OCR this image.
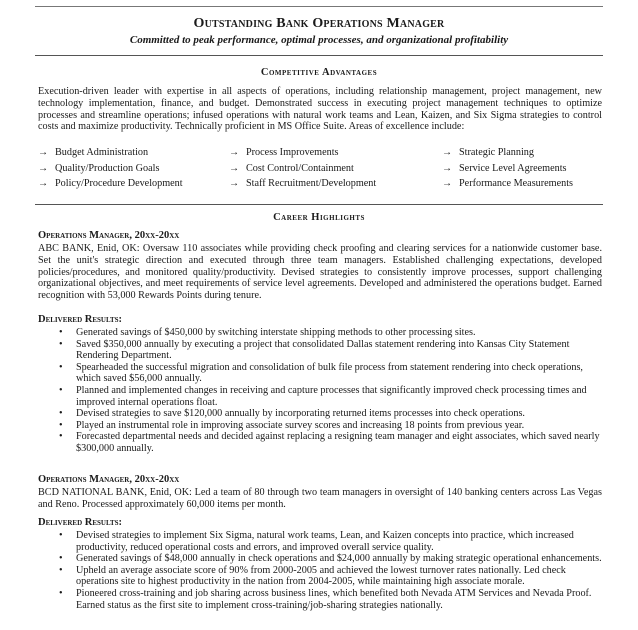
Outstanding Bank Operations Manager

Committed to peak performance, optimal processes, and organizational profitability

Competitive Advantages

Execution-driven leader with expertise in all aspects of operations, including relationship management, project management, new technology implementation, finance, and budget. Demonstrated success in executing project management techniques to optimize processes and streamline operations; infused operations with natural work teams and Lean, Kaizen, and Six Sigma strategies to control costs and maximize productivity. Technically proficient in MS Office Suite. Areas of excellence include:

→ Budget Administration	→ Process Improvements	→ Strategic Planning
→ Quality/Production Goals	→ Cost Control/Containment	→ Service Level Agreements
→ Policy/Procedure Development	→ Staff Recruitment/Development	→ Performance Measurements
Career Highlights
Operations Manager, 20xx-20xx

ABC BANK, Enid, OK: Oversaw 110 associates while providing check proofing and clearing services for a nationwide customer base. Set the unit's strategic direction and executed through three team managers. Established challenging expectations, developed policies/procedures, and monitored quality/productivity. Devised strategies to consistently improve processes, support challenging organizational objectives, and meet requirements of service level agreements. Developed and administered the operations budget. Earned recognition with 53,000 Rewards Points during tenure.

Delivered Results:
• Generated savings of $450,000 by switching interstate shipping methods to other processing sites.
• Saved $350,000 annually by executing a project that consolidated Dallas statement rendering into Kansas City Statement Rendering Department.
• Spearheaded the successful migration and consolidation of bulk file process from statement rendering into check operations, which saved $56,000 annually.
• Planned and implemented changes in receiving and capture processes that significantly improved check processing times and improved internal operations float.
• Devised strategies to save $120,000 annually by incorporating returned items processes into check operations.
• Played an instrumental role in improving associate survey scores and increasing 18 points from previous year.
• Forecasted departmental needs and decided against replacing a resigning team manager and eight associates, which saved nearly $300,000 annually.
Operations Manager, 20xx-20xx

BCD NATIONAL BANK, Enid, OK: Led a team of 80 through two team managers in oversight of 140 banking centers across Las Vegas and Reno. Processed approximately 60,000 items per month.

Delivered Results:
• Devised strategies to implement Six Sigma, natural work teams, Lean, and Kaizen concepts into practice, which increased productivity, reduced operational costs and errors, and improved overall service quality.
• Generated savings of $48,000 annually in check operations and $24,000 annually by making strategic operational enhancements.
• Upheld an average associate score of 90% from 2000-2005 and achieved the lowest turnover rates nationally. Led check operations site to highest productivity in the nation from 2004-2005, while maintaining high associate morale.
• Pioneered cross-training and job sharing across business lines, which benefited both Nevada ATM Services and Nevada Proof. Earned status as the first site to implement cross-training/job-sharing strategies nationally.
